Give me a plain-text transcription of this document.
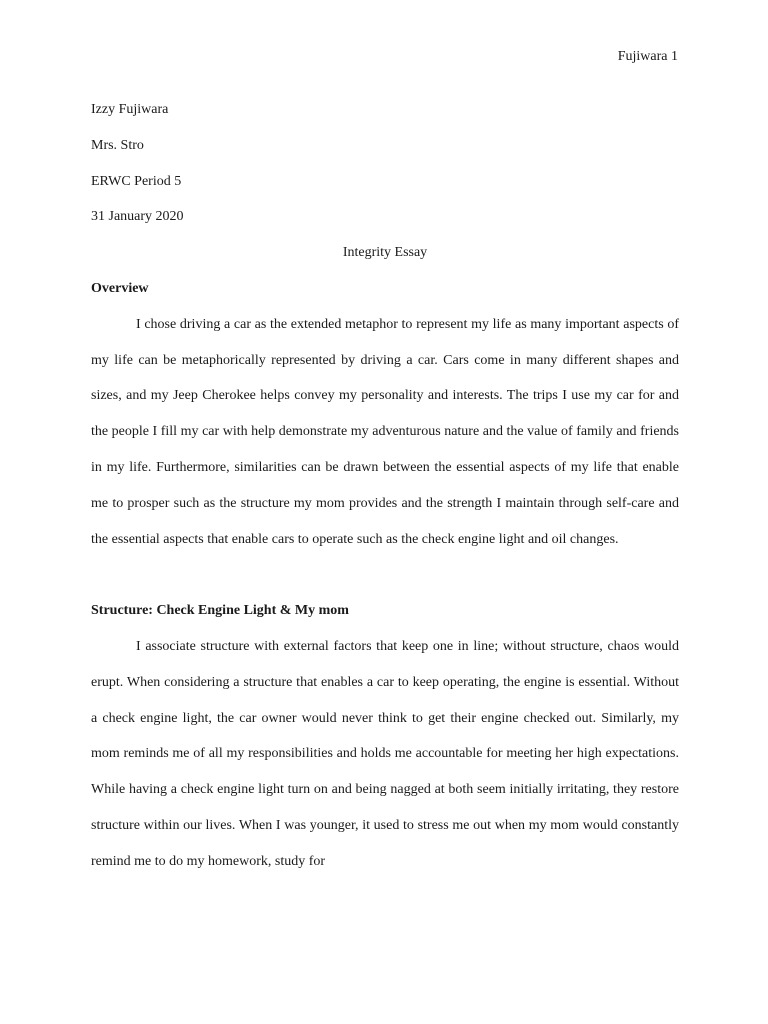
Fujiwara 1

Izzy Fujiwara

Mrs. Stro

ERWC Period 5

31 January 2020

Integrity Essay

Overview

I chose driving a car as the extended metaphor to represent my life as many important aspects of my life can be metaphorically represented by driving a car. Cars come in many different shapes and sizes, and my Jeep Cherokee helps convey my personality and interests. The trips I use my car for and the people I fill my car with help demonstrate my adventurous nature and the value of family and friends in my life. Furthermore, similarities can be drawn between the essential aspects of my life that enable me to prosper such as the structure my mom provides and the strength I maintain through self-care and the essential aspects that enable cars to operate such as the check engine light and oil changes.

Structure: Check Engine Light & My mom

I associate structure with external factors that keep one in line; without structure, chaos would erupt. When considering a structure that enables a car to keep operating, the engine is essential. Without a check engine light, the car owner would never think to get their engine checked out. Similarly, my mom reminds me of all my responsibilities and holds me accountable for meeting her high expectations. While having a check engine light turn on and being nagged at both seem initially irritating, they restore structure within our lives. When I was younger, it used to stress me out when my mom would constantly remind me to do my homework, study for
